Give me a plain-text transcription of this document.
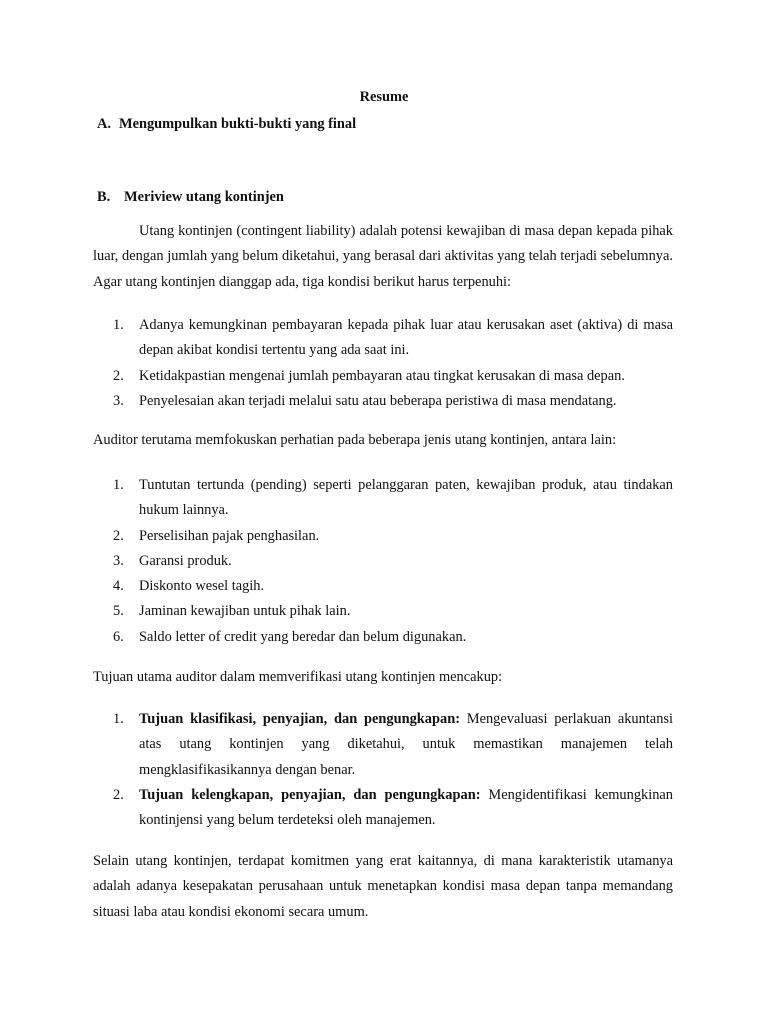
Resume
A. Mengumpulkan bukti-bukti yang final
B. Meriview utang kontinjen

Utang kontinjen (contingent liability) adalah potensi kewajiban di masa depan kepada pihak luar, dengan jumlah yang belum diketahui, yang berasal dari aktivitas yang telah terjadi sebelumnya. Agar utang kontinjen dianggap ada, tiga kondisi berikut harus terpenuhi:

1. Adanya kemungkinan pembayaran kepada pihak luar atau kerusakan aset (aktiva) di masa depan akibat kondisi tertentu yang ada saat ini.
2. Ketidakpastian mengenai jumlah pembayaran atau tingkat kerusakan di masa depan.
3. Penyelesaian akan terjadi melalui satu atau beberapa peristiwa di masa mendatang.

Auditor terutama memfokuskan perhatian pada beberapa jenis utang kontinjen, antara lain:

1. Tuntutan tertunda (pending) seperti pelanggaran paten, kewajiban produk, atau tindakan hukum lainnya.
2. Perselisihan pajak penghasilan.
3. Garansi produk.
4. Diskonto wesel tagih.
5. Jaminan kewajiban untuk pihak lain.
6. Saldo letter of credit yang beredar dan belum digunakan.

Tujuan utama auditor dalam memverifikasi utang kontinjen mencakup:

1. Tujuan klasifikasi, penyajian, dan pengungkapan: Mengevaluasi perlakuan akuntansi atas utang kontinjen yang diketahui, untuk memastikan manajemen telah mengklasifikasikannya dengan benar.
2. Tujuan kelengkapan, penyajian, dan pengungkapan: Mengidentifikasi kemungkinan kontinjensi yang belum terdeteksi oleh manajemen.

Selain utang kontinjen, terdapat komitmen yang erat kaitannya, di mana karakteristik utamanya adalah adanya kesepakatan perusahaan untuk menetapkan kondisi masa depan tanpa memandang situasi laba atau kondisi ekonomi secara umum.
